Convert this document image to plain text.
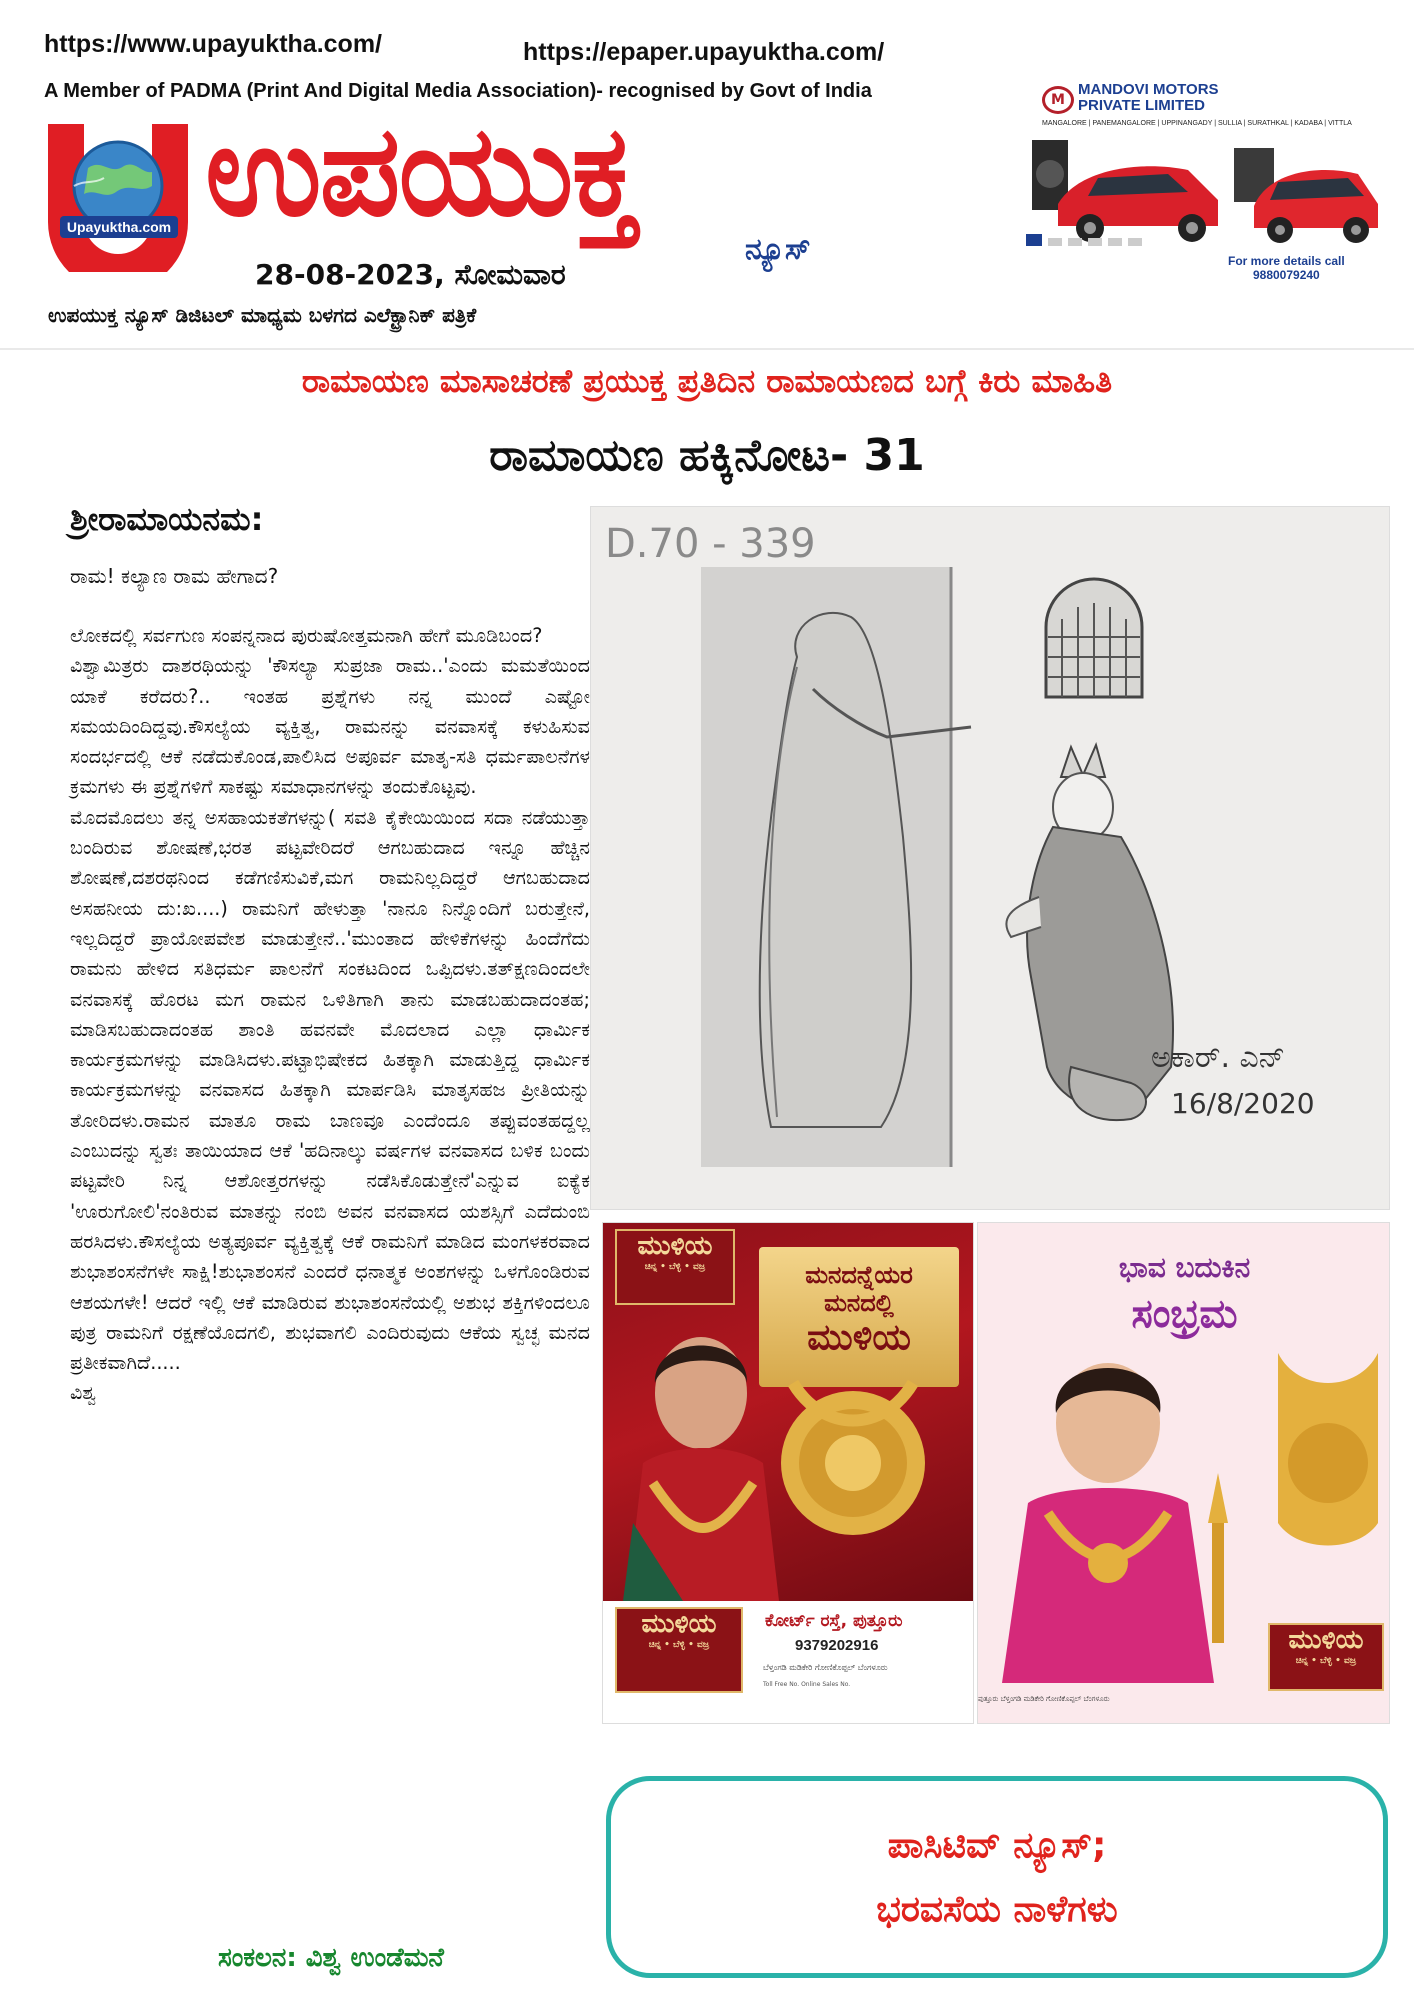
https://www.upayuktha.com/	https://epaper.upayuktha.com/
A Member of PADMA (Print And Digital Media Association)- recognised by Govt of India
Upayuktha.com ಉಪಯುಕ್ತ
ನ್ಯೂಸ್
28-08-2023, ಸೋಮವಾರ
ಉಪಯುಕ್ತ ನ್ಯೂಸ್ ಡಿಜಿಟಲ್ ಮಾಧ್ಯಮ ಬಳಗದ ಎಲೆಕ್ಟ್ರಾನಿಕ್ ಪತ್ರಿಕೆ
M
MANDOVI MOTORS
PRIVATE LIMITED
MANGALORE | PANEMANGALORE | UPPINANGADY | SULLIA | SURATHKAL | KADABA | VITTLA
For more details call
9880079240
ರಾಮಾಯಣ ಮಾಸಾಚರಣೆ ಪ್ರಯುಕ್ತ ಪ್ರತಿದಿನ ರಾಮಾಯಣದ ಬಗ್ಗೆ ಕಿರು ಮಾಹಿತಿ
ರಾಮಾಯಣ ಹಕ್ಕಿನೋಟ- 31
ಶ್ರೀರಾಮಾಯನಮ:
ರಾಮ! ಕಲ್ಯಾಣ ರಾಮ ಹೇಗಾದ?

ಲೋಕದಲ್ಲಿ ಸರ್ವಗುಣ ಸಂಪನ್ನನಾದ ಪುರುಷೋತ್ತಮನಾಗಿ ಹೇಗೆ ಮೂಡಿಬಂದ?

ವಿಶ್ವಾಮಿತ್ರರು ದಾಶರಥಿಯನ್ನು 'ಕೌಸಲ್ಯಾ ಸುಪ್ರಜಾ ರಾಮ..'ಎಂದು ಮಮತೆಯಿಂದ ಯಾಕೆ ಕರೆದರು?.. ಇಂತಹ ಪ್ರಶ್ನೆಗಳು ನನ್ನ ಮುಂದೆ ಎಷ್ಟೋ ಸಮಯದಿಂದಿದ್ದವು.ಕೌಸಲ್ಯೆಯ ವ್ಯಕ್ತಿತ್ವ, ರಾಮನನ್ನು ವನವಾಸಕ್ಕೆ ಕಳುಹಿಸುವ ಸಂದರ್ಭದಲ್ಲಿ ಆಕೆ ನಡೆದುಕೊಂಡ,ಪಾಲಿಸಿದ ಅಪೂರ್ವ ಮಾತೃ-ಸತಿ ಧರ್ಮಪಾಲನೆಗಳ ಕ್ರಮಗಳು ಈ ಪ್ರಶ್ನೆಗಳಿಗೆ ಸಾಕಷ್ಟು ಸಮಾಧಾನಗಳನ್ನು ತಂದುಕೊಟ್ಟವು.

ಮೊದಮೊದಲು ತನ್ನ ಅಸಹಾಯಕತೆಗಳನ್ನು( ಸವತಿ ಕೈಕೇಯಿಯಿಂದ ಸದಾ ನಡೆಯುತ್ತಾ ಬಂದಿರುವ ಶೋಷಣೆ,ಭರತ ಪಟ್ಟವೇರಿದರೆ ಆಗಬಹುದಾದ ಇನ್ನೂ ಹೆಚ್ಚಿನ ಶೋಷಣೆ,ದಶರಥನಿಂದ ಕಡೆಗಣಿಸುವಿಕೆ,ಮಗ ರಾಮನಿಲ್ಲದಿದ್ದರೆ ಆಗಬಹುದಾದ ಅಸಹನೀಯ ದು:ಖ....) ರಾಮನಿಗೆ ಹೇಳುತ್ತಾ 'ನಾನೂ ನಿನ್ನೊಂದಿಗೆ ಬರುತ್ತೇನೆ, ಇಲ್ಲದಿದ್ದರೆ ಪ್ರಾಯೋಪವೇಶ ಮಾಡುತ್ತೇನೆ..'ಮುಂತಾದ ಹೇಳಿಕೆಗಳನ್ನು ಹಿಂದೆಗೆದು ರಾಮನು ಹೇಳಿದ ಸತಿಧರ್ಮ ಪಾಲನೆಗೆ ಸಂಕಟದಿಂದ ಒಪ್ಪಿದಳು.ತತ್ಕ್ಷಣದಿಂದಲೇ ವನವಾಸಕ್ಕೆ ಹೊರಟ ಮಗ ರಾಮನ ಒಳಿತಿಗಾಗಿ ತಾನು ಮಾಡಬಹುದಾದಂತಹ; ಮಾಡಿಸಬಹುದಾದಂತಹ ಶಾಂತಿ ಹವನವೇ ಮೊದಲಾದ ಎಲ್ಲಾ ಧಾರ್ಮಿಕ ಕಾರ್ಯಕ್ರಮಗಳನ್ನು ಮಾಡಿಸಿದಳು.ಪಟ್ಟಾಭಿಷೇಕದ ಹಿತಕ್ಕಾಗಿ ಮಾಡುತ್ತಿದ್ದ ಧಾರ್ಮಿಕ ಕಾರ್ಯಕ್ರಮಗಳನ್ನು ವನವಾಸದ ಹಿತಕ್ಕಾಗಿ ಮಾರ್ಪಡಿಸಿ ಮಾತೃಸಹಜ ಪ್ರೀತಿಯನ್ನು ತೋರಿದಳು.ರಾಮನ ಮಾತೂ ರಾಮ ಬಾಣವೂ ಎಂದೆಂದೂ ತಪ್ಪುವಂತಹದ್ದಲ್ಲ ಎಂಬುದನ್ನು ಸ್ವತಃ ತಾಯಿಯಾದ ಆಕೆ 'ಹದಿನಾಲ್ಕು ವರ್ಷಗಳ ವನವಾಸದ ಬಳಿಕ ಬಂದು ಪಟ್ಟವೇರಿ ನಿನ್ನ ಆಶೋತ್ತರಗಳನ್ನು ನಡೆಸಿಕೊಡುತ್ತೇನೆ'ಎನ್ನುವ ಐಕ್ಯೆಕ 'ಊರುಗೋಲಿ'ನಂತಿರುವ ಮಾತನ್ನು ನಂಬಿ ಅವನ ವನವಾಸದ ಯಶಸ್ಸಿಗೆ ಎದೆದುಂಬಿ ಹರಸಿದಳು.ಕೌಸಲ್ಯೆಯ ಅತ್ಯಪೂರ್ವ ವ್ಯಕ್ತಿತ್ವಕ್ಕೆ ಆಕೆ ರಾಮನಿಗೆ ಮಾಡಿದ ಮಂಗಳಕರವಾದ ಶುಭಾಶಂಸನೆಗಳೇ ಸಾಕ್ಷಿ!ಶುಭಾಶಂಸನೆ ಎಂದರೆ ಧನಾತ್ಮಕ ಅಂಶಗಳನ್ನು ಒಳಗೊಂಡಿರುವ ಆಶಯಗಳೇ! ಆದರೆ ಇಲ್ಲಿ ಆಕೆ ಮಾಡಿರುವ ಶುಭಾಶಂಸನೆಯಲ್ಲಿ ಅಶುಭ ಶಕ್ತಿಗಳಿಂದಲೂ ಪುತ್ರ ರಾಮನಿಗೆ ರಕ್ಷಣೆಯೊದಗಲಿ, ಶುಭವಾಗಲಿ ಎಂದಿರುವುದು ಆಕೆಯ ಸ್ವಚ್ಛ ಮನದ ಪ್ರತೀಕವಾಗಿದೆ.....

ವಿಶ್ವ

ಸಂಕಲನ: ವಿಶ್ವ ಉಂಡೆಮನೆ
D.70 - 339
ಅಕಾರ್. ಎನ್
16/8/2020
ಮುಳಿಯ
ಚಿನ್ನ • ಬೆಳ್ಳಿ • ವಜ್ರ	ಮನದನ್ನೆಯರ
ಮನದಲ್ಲಿ
ಮುಳಿಯ
ಮುಳಿಯ
ಚಿನ್ನ • ಬೆಳ್ಳಿ • ವಜ್ರ
ಕೋರ್ಟ್ ರಸ್ತೆ, ಪುತ್ತೂರು
9379202916
ಬೆಳ್ತಂಗಡಿ ಮಡಿಕೇರಿ ಗೋಣಿಕೊಪ್ಪಲ್ ಬೆಂಗಳೂರು
Toll Free No. Online Sales No.
ಭಾವ ಬದುಕಿನ
ಸಂಭ್ರಮ
ಮುಳಿಯ
ಚಿನ್ನ • ಬೆಳ್ಳಿ • ವಜ್ರ
ಪುತ್ತೂರು ಬೆಳ್ತಂಗಡಿ ಮಡಿಕೇರಿ ಗೋಣಿಕೊಪ್ಪಲ್ ಬೆಂಗಳೂರು
ಪಾಸಿಟಿವ್ ನ್ಯೂಸ್;
ಭರವಸೆಯ ನಾಳೆಗಳು
